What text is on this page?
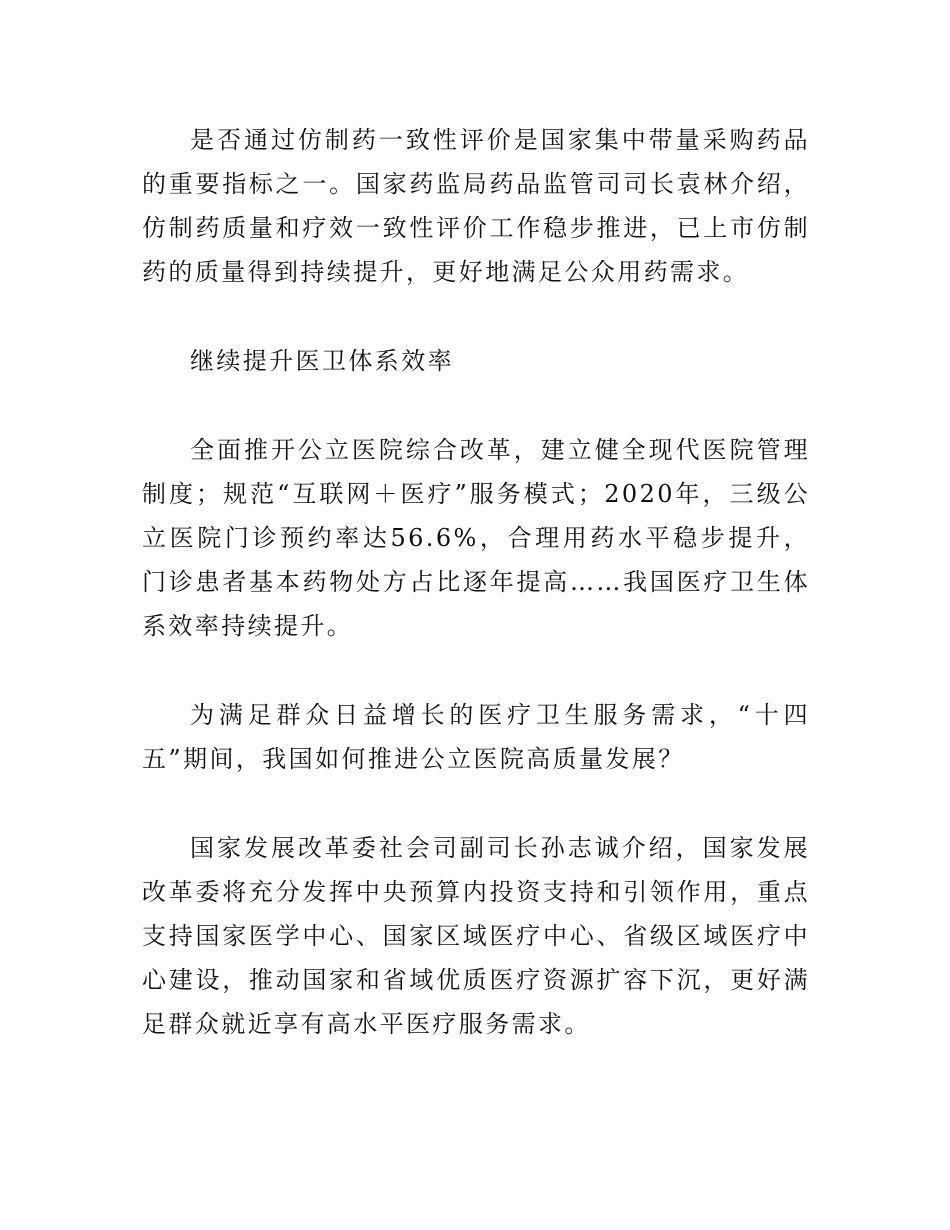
是否通过仿制药一致性评价是国家集中带量采购药品的重要指标之一。国家药监局药品监管司司长袁林介绍，仿制药质量和疗效一致性评价工作稳步推进，已上市仿制药的质量得到持续提升，更好地满足公众用药需求。

继续提升医卫体系效率

全面推开公立医院综合改革，建立健全现代医院管理制度；规范“互联网＋医疗”服务模式；2020年，三级公立医院门诊预约率达56.6%，合理用药水平稳步提升，门诊患者基本药物处方占比逐年提高……我国医疗卫生体系效率持续提升。

为满足群众日益增长的医疗卫生服务需求，“十四五”期间，我国如何推进公立医院高质量发展？

国家发展改革委社会司副司长孙志诚介绍，国家发展改革委将充分发挥中央预算内投资支持和引领作用，重点支持国家医学中心、国家区域医疗中心、省级区域医疗中心建设，推动国家和省域优质医疗资源扩容下沉，更好满足群众就近享有高水平医疗服务需求。
